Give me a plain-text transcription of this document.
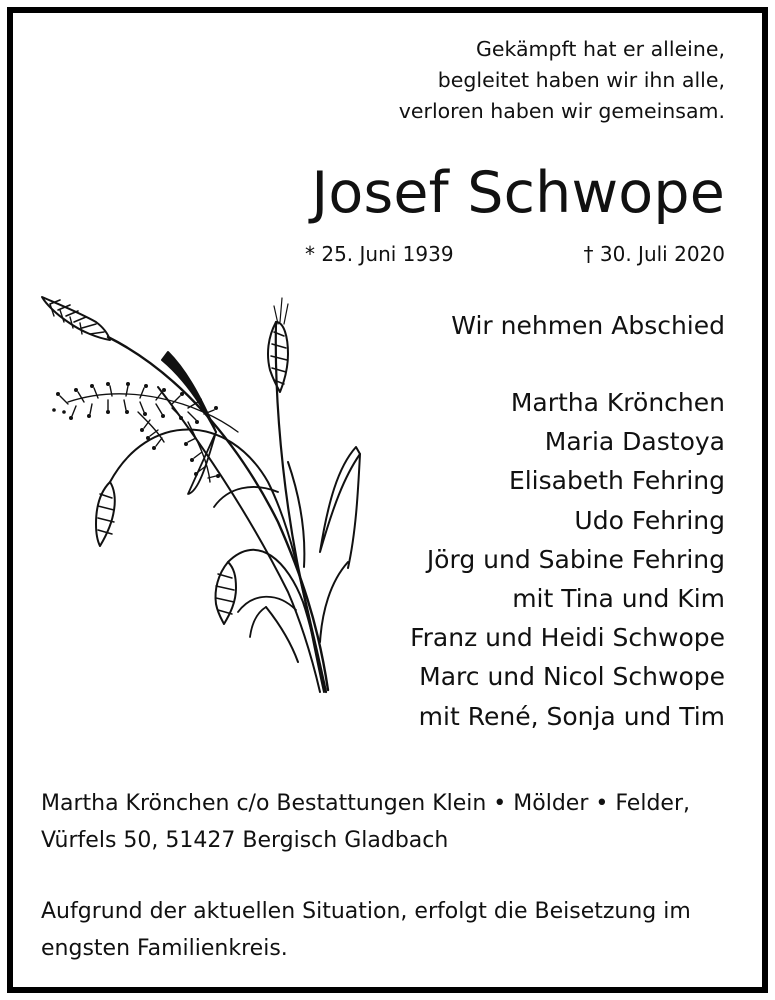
Gekämpft hat er alleine,
begleitet haben wir ihn alle,
verloren haben wir gemeinsam.
Josef Schwope
* 25. Juni 1939	† 30. Juli 2020
Wir nehmen Abschied
Martha Krönchen
Maria Dastoya
Elisabeth Fehring
Udo Fehring
Jörg und Sabine Fehring
mit Tina und Kim
Franz und Heidi Schwope
Marc und Nicol Schwope
mit René, Sonja und Tim
Martha Krönchen c/o Bestattungen Klein • Mölder • Felder,
Vürfels 50, 51427 Bergisch Gladbach
Aufgrund der aktuellen Situation, erfolgt die Beisetzung im
engsten Familienkreis.
